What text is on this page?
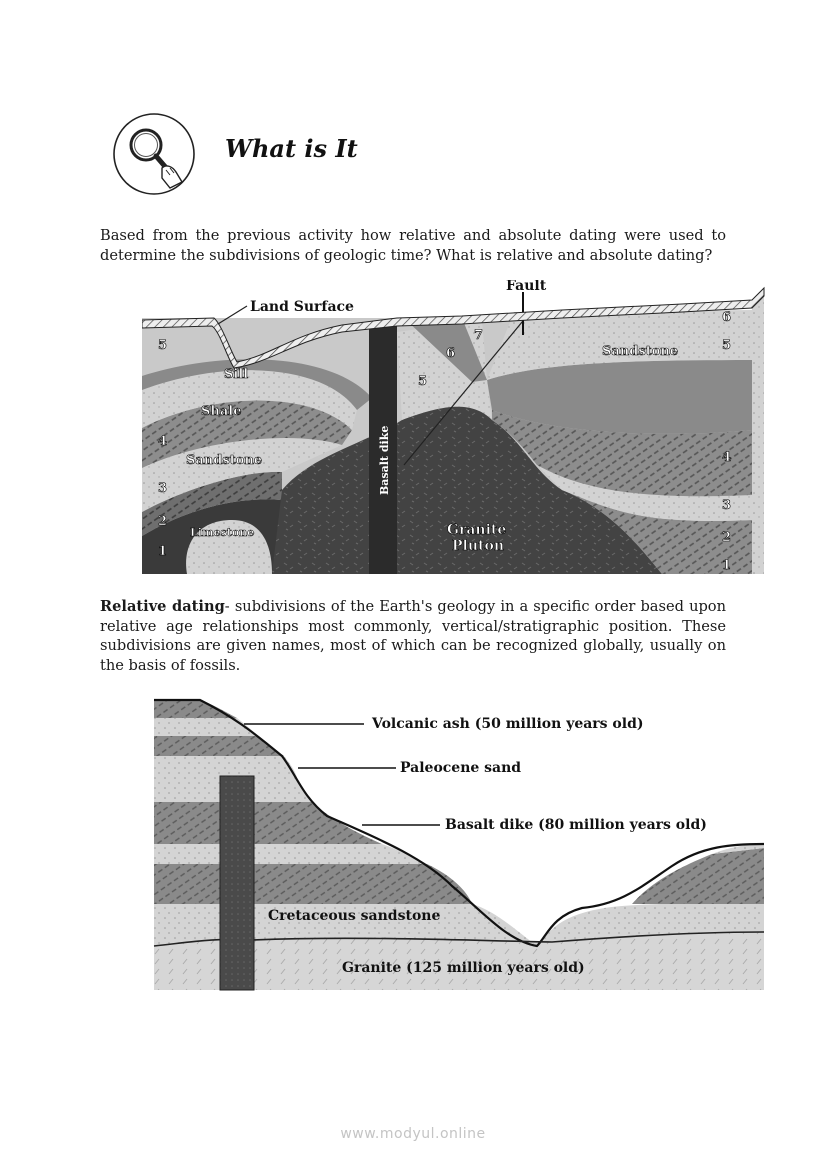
What is It

Based from the previous activity how relative and absolute dating were used to determine the subdivisions of geologic time? What is relative and absolute dating?

Land Surface
Fault
Sill
Shale
Sandstone
Sandstone
Limestone
Basalt dike
Granite
Pluton
1
2
3
4
5
5
6
7
1
2
3
4
5
6

Relative dating- subdivisions of the Earth's geology in a specific order based upon relative age relationships most commonly, vertical/stratigraphic position. These subdivisions are given names, most of which can be recognized globally, usually on the basis of fossils.

Volcanic ash (50 million years old)
Paleocene sand
Basalt dike (80 million years old)
Cretaceous sandstone
Granite (125 million years old)
www.modyul.online
